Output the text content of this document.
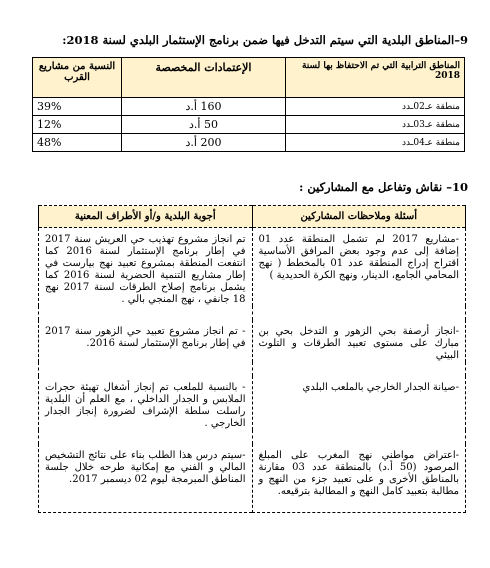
9–المناطق البلدية التي سيتم التدخل فيها ضمن برنامج الإستثمار البلدي لسنة 2018:
المناطق الترابية التي تم الاحتفاظ بها لسنة 2018	الإعتمادات المخصصة	النسبة من مشاريع القرب
منطقة عـ02ـدد	160 أ.د	39%
منطقة عـ03ـدد	50 أ.د	12%
منطقة عـ04ـدد	200 أ.د	48%
10– نقاش وتفاعل مع المشاركين :
أسئلة وملاحظات المشاركين	أجوبة البلدية و/أو الأطراف المعنية
-مشاريع 2017 لم تشمل المنطقة عدد 01 إضافة إلى عدم وجود بعض المرافق الأساسية اقتراح إدراج المنطقة عدد 01 بالمخطط ( نهج المحامي الجامع، الدينار، ونهج الكرة الحديدية )	تم انجاز مشروع تهذيب حي العريش سنة 2017 في إطار برنامج الإستثمار لسنة 2016 كما انتفعت المنطقة بمشروع تعبيد نهج بيارست في إطار مشاريع التنمية الحضرية لسنة 2016 كما يشمل برنامج إصلاح الطرقات لسنة 2017 نهج 18 جانفي ، نهج المنجي بالي .

-انجاز أرصفة بحي الزهور و التدخل بحي بن مبارك على مستوى تعبيد الطرقات و التلوث البيئي	- تم انجاز مشروع تعبيد حي الزهور سنة 2017 في إطار برنامج الإستثمار لسنة 2016.

-صيانة الجدار الخارجي بالملعب البلدي	- بالنسبة للملعب تم إنجاز أشغال تهيئة حجرات الملابس و الجدار الداخلي ، مع العلم أن البلدية راسلت سلطة الإشراف لضرورة إنجاز الجدار الخارجي .

-اعتراض مواطني نهج المغرب على المبلغ المرصود (50 أ.د) بالمنطقة عدد 03 مقارنة بالمناطق الأخرى و على تعبيد جزء من النهج و مطالبة بتعبيد كامل النهج و المطالبة بترقيعه.	-سيتم درس هذا الطلب بناء على نتائج التشخيص المالي و الفني مع إمكانية طرحه خلال جلسة المناطق المبرمجة ليوم 02 ديسمبر 2017.
